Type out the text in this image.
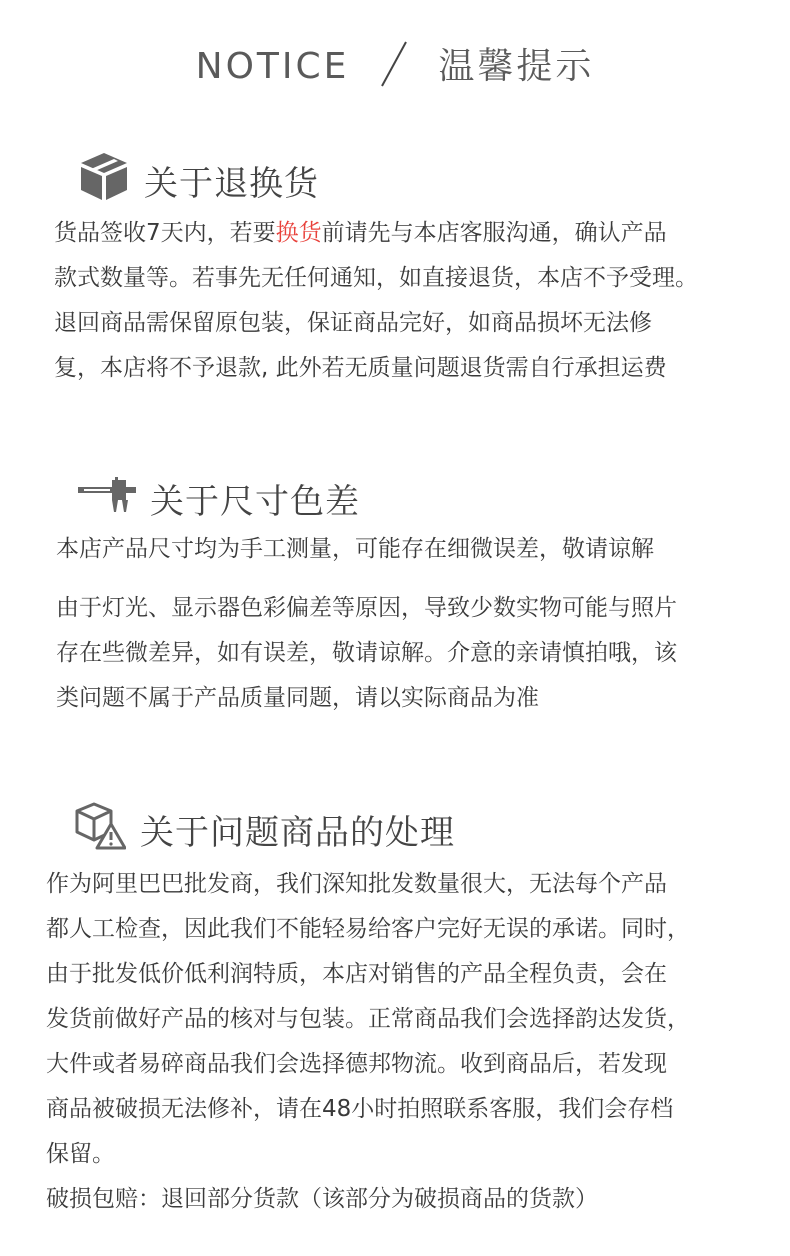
NOTICE 温馨提示
关于退换货

货品签收7天内，若要换货前请先与本店客服沟通，确认产品

款式数量等。若事先无任何通知，如直接退货，本店不予受理。

退回商品需保留原包装，保证商品完好，如商品损坏无法修

复，本店将不予退款, 此外若无质量问题退货需自行承担运费

关于尺寸色差

本店产品尺寸均为手工测量，可能存在细微误差，敬请谅解

由于灯光、显示器色彩偏差等原因，导致少数实物可能与照片

存在些微差异，如有误差，敬请谅解。介意的亲请慎拍哦，该

类问题不属于产品质量同题，请以实际商品为准

关于问题商品的处理

作为阿里巴巴批发商，我们深知批发数量很大，无法每个产品

都人工检查，因此我们不能轻易给客户完好无误的承诺。同时，

由于批发低价低利润特质，本店对销售的产品全程负责，会在

发货前做好产品的核对与包装。正常商品我们会选择韵达发货，

大件或者易碎商品我们会选择德邦物流。收到商品后，若发现

商品被破损无法修补，请在48小时拍照联系客服，我们会存档

保留。

破损包赔：退回部分货款（该部分为破损商品的货款）
